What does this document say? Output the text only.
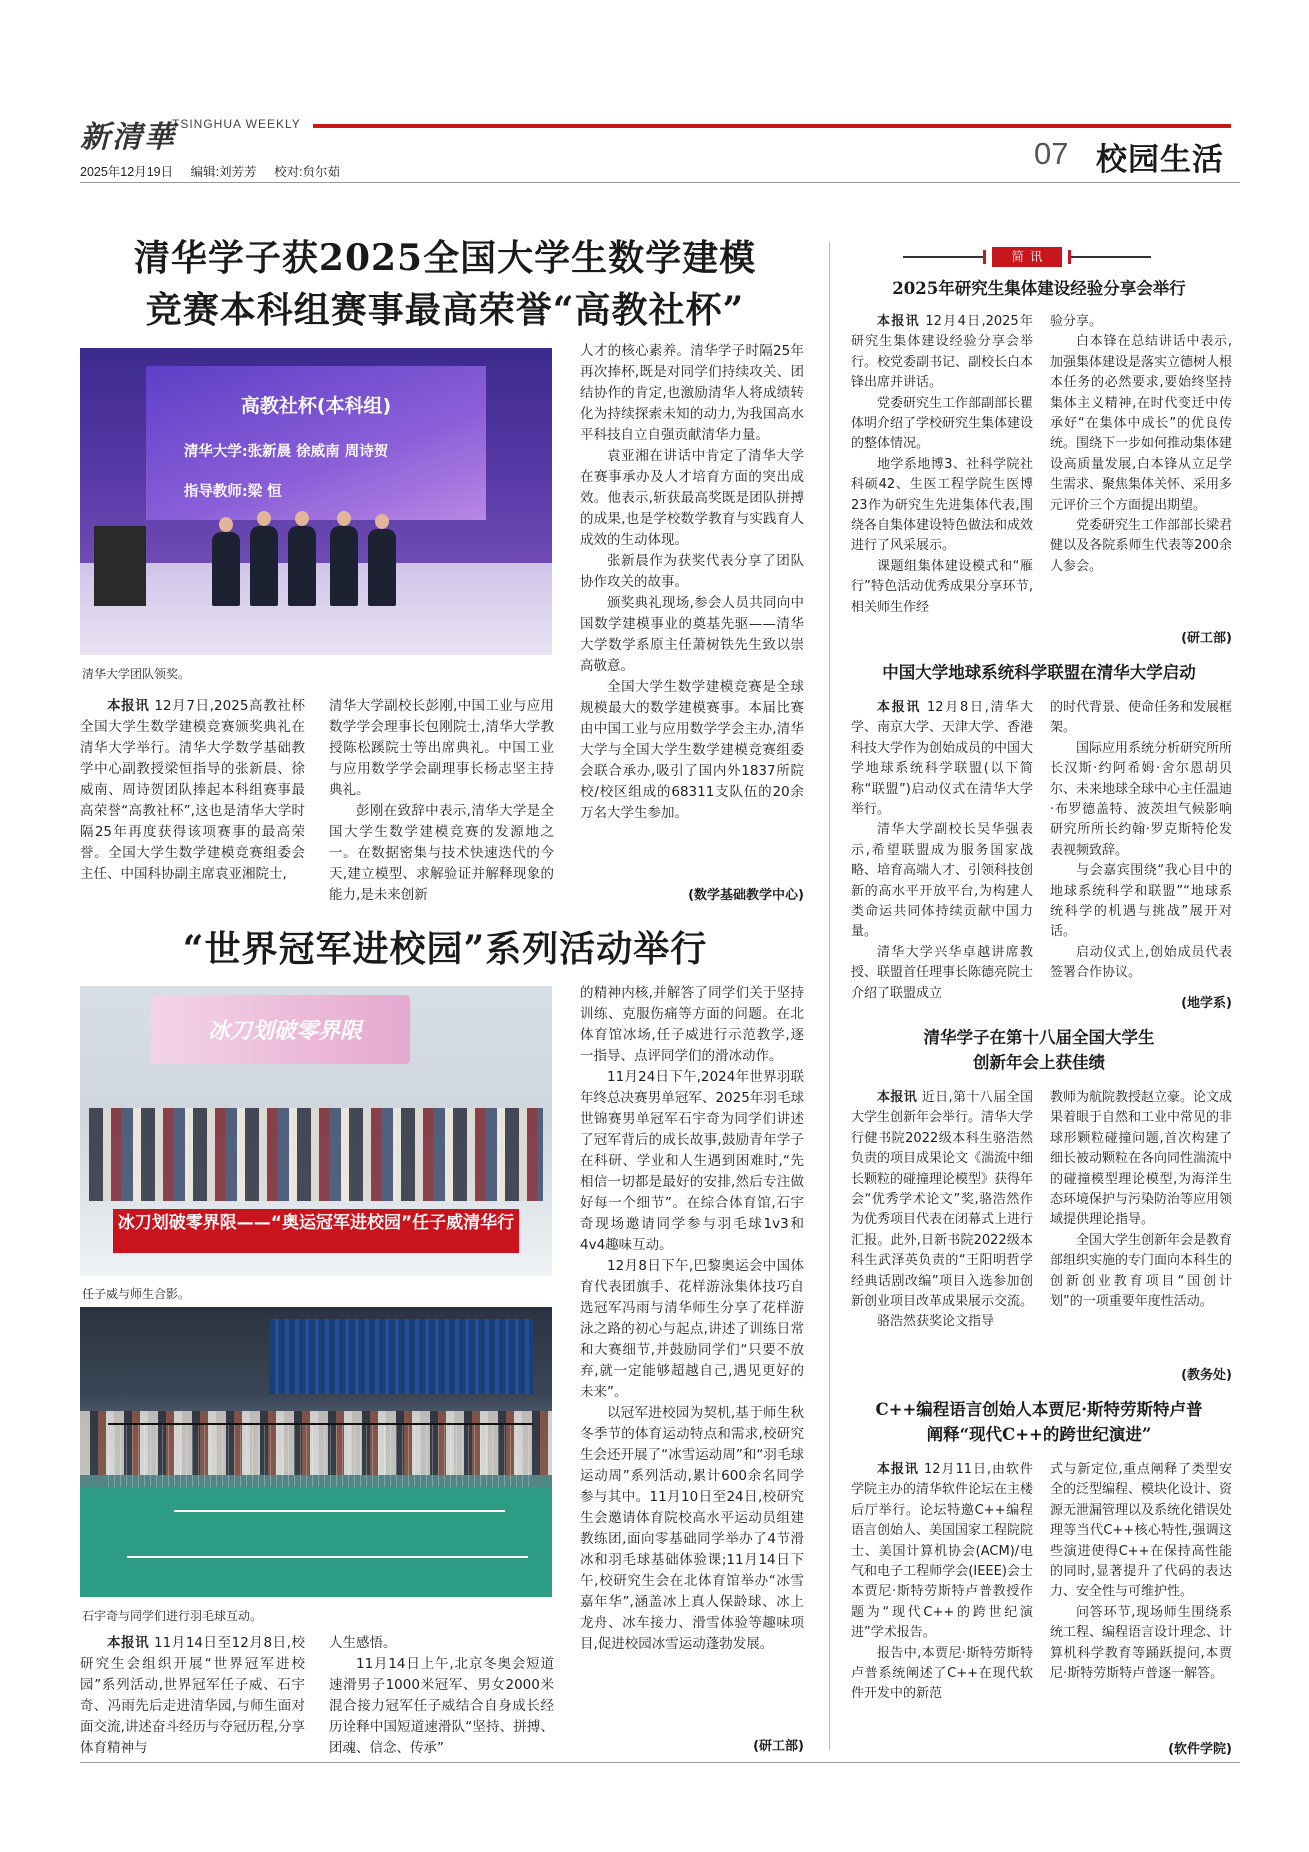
新清華
TSINGHUA WEEKLY
2025年12月19日 编辑:刘芳芳 校对:贠尔茹
07 校园生活
清华学子获2025全国大学生数学建模
竞赛本科组赛事最高荣誉“高教社杯”
高教社杯(本科组)
清华大学:张新晨 徐威南 周诗贺
指导教师:梁 恒
清华大学团队领奖。

本报讯 12月7日,2025高教社杯全国大学生数学建模竞赛颁奖典礼在清华大学举行。清华大学数学基础教学中心副教授梁恒指导的张新晨、徐威南、周诗贺团队捧起本科组赛事最高荣誉“高教社杯”,这也是清华大学时隔25年再度获得该项赛事的最高荣誉。全国大学生数学建模竞赛组委会主任、中国科协副主席袁亚湘院士,

清华大学副校长彭刚,中国工业与应用数学学会理事长包刚院士,清华大学教授陈松蹊院士等出席典礼。中国工业与应用数学学会副理事长杨志坚主持典礼。

彭刚在致辞中表示,清华大学是全国大学生数学建模竞赛的发源地之一。在数据密集与技术快速迭代的今天,建立模型、求解验证并解释现象的能力,是未来创新

人才的核心素养。清华学子时隔25年再次捧杯,既是对同学们持续攻关、团结协作的肯定,也激励清华人将成绩转化为持续探索未知的动力,为我国高水平科技自立自强贡献清华力量。

袁亚湘在讲话中肯定了清华大学在赛事承办及人才培育方面的突出成效。他表示,斩获最高奖既是团队拼搏的成果,也是学校数学教育与实践育人成效的生动体现。

张新晨作为获奖代表分享了团队协作攻关的故事。

颁奖典礼现场,参会人员共同向中国数学建模事业的奠基先驱——清华大学数学系原主任萧树铁先生致以崇高敬意。

全国大学生数学建模竞赛是全球规模最大的数学建模赛事。本届比赛由中国工业与应用数学学会主办,清华大学与全国大学生数学建模竞赛组委会联合承办,吸引了国内外1837所院校/校区组成的68311支队伍的20余万名大学生参加。

(数学基础教学中心)
“世界冠军进校园”系列活动举行
冰刀划破零界限
冰刀划破零界限——“奥运冠军进校园”任子威清华行
任子威与师生合影。
石宇奇与同学们进行羽毛球互动。

本报讯 11月14日至12月8日,校研究生会组织开展“世界冠军进校园”系列活动,世界冠军任子威、石宇奇、冯雨先后走进清华园,与师生面对面交流,讲述奋斗经历与夺冠历程,分享体育精神与

人生感悟。

11月14日上午,北京冬奥会短道速滑男子1000米冠军、男女2000米混合接力冠军任子威结合自身成长经历诠释中国短道速滑队“坚持、拼搏、团魂、信念、传承”

的精神内核,并解答了同学们关于坚持训练、克服伤痛等方面的问题。在北体育馆冰场,任子威进行示范教学,逐一指导、点评同学们的滑冰动作。

11月24日下午,2024年世界羽联年终总决赛男单冠军、2025年羽毛球世锦赛男单冠军石宇奇为同学们讲述了冠军背后的成长故事,鼓励青年学子在科研、学业和人生遇到困难时,“先相信一切都是最好的安排,然后专注做好每一个细节”。在综合体育馆,石宇奇现场邀请同学参与羽毛球1v3和4v4趣味互动。

12月8日下午,巴黎奥运会中国体育代表团旗手、花样游泳集体技巧自选冠军冯雨与清华师生分享了花样游泳之路的初心与起点,讲述了训练日常和大赛细节,并鼓励同学们“只要不放弃,就一定能够超越自己,遇见更好的未来”。

以冠军进校园为契机,基于师生秋冬季节的体育运动特点和需求,校研究生会还开展了“冰雪运动周”和“羽毛球运动周”系列活动,累计600余名同学参与其中。11月10日至24日,校研究生会邀请体育院校高水平运动员组建教练团,面向零基础同学举办了4节滑冰和羽毛球基础体验课;11月14日下午,校研究生会在北体育馆举办“冰雪嘉年华”,涵盖冰上真人保龄球、冰上龙舟、冰车接力、滑雪体验等趣味项目,促进校园冰雪运动蓬勃发展。

(研工部)
简讯
2025年研究生集体建设经验分享会举行

本报讯 12月4日,2025年研究生集体建设经验分享会举行。校党委副书记、副校长白本锋出席并讲话。

党委研究生工作部副部长瞿体明介绍了学校研究生集体建设的整体情况。

地学系地博3、社科学院社科硕42、生医工程学院生医博23作为研究生先进集体代表,围绕各自集体建设特色做法和成效进行了风采展示。

课题组集体建设模式和“雁行”特色活动优秀成果分享环节,相关师生作经

验分享。

白本锋在总结讲话中表示,加强集体建设是落实立德树人根本任务的必然要求,要始终坚持集体主义精神,在时代变迁中传承好“在集体中成长”的优良传统。围绕下一步如何推动集体建设高质量发展,白本锋从立足学生需求、聚焦集体关怀、采用多元评价三个方面提出期望。

党委研究生工作部部长梁君健以及各院系师生代表等200余人参会。

(研工部)
中国大学地球系统科学联盟在清华大学启动

本报讯 12月8日,清华大学、南京大学、天津大学、香港科技大学作为创始成员的中国大学地球系统科学联盟(以下简称“联盟”)启动仪式在清华大学举行。

清华大学副校长吴华强表示,希望联盟成为服务国家战略、培育高端人才、引领科技创新的高水平开放平台,为构建人类命运共同体持续贡献中国力量。

清华大学兴华卓越讲席教授、联盟首任理事长陈德亮院士介绍了联盟成立

的时代背景、使命任务和发展框架。

国际应用系统分析研究所所长汉斯·约阿希姆·舍尔恩胡贝尔、未来地球全球中心主任温迪·布罗德盖特、波茨坦气候影响研究所所长约翰·罗克斯特伦发表视频致辞。

与会嘉宾围绕“我心目中的地球系统科学和联盟”“地球系统科学的机遇与挑战”展开对话。

启动仪式上,创始成员代表签署合作协议。

(地学系)
清华学子在第十八届全国大学生
创新年会上获佳绩

本报讯 近日,第十八届全国大学生创新年会举行。清华大学行健书院2022级本科生骆浩然负责的项目成果论文《湍流中细长颗粒的碰撞理论模型》获得年会“优秀学术论文”奖,骆浩然作为优秀项目代表在闭幕式上进行汇报。此外,日新书院2022级本科生武泽英负责的“王阳明哲学经典话剧改编”项目入选参加创新创业项目改革成果展示交流。

骆浩然获奖论文指导

教师为航院教授赵立豪。论文成果着眼于自然和工业中常见的非球形颗粒碰撞问题,首次构建了细长被动颗粒在各向同性湍流中的碰撞模型理论模型,为海洋生态环境保护与污染防治等应用领域提供理论指导。

全国大学生创新年会是教育部组织实施的专门面向本科生的创新创业教育项目“国创计划”的一项重要年度性活动。

(教务处)
C++编程语言创始人本贾尼·斯特劳斯特卢普
阐释“现代C++的跨世纪演进”

本报讯 12月11日,由软件学院主办的清华软件论坛在主楼后厅举行。论坛特邀C++编程语言创始人、美国国家工程院院士、美国计算机协会(ACM)/电气和电子工程师学会(IEEE)会士本贾尼·斯特劳斯特卢普教授作题为“现代C++的跨世纪演进”学术报告。

报告中,本贾尼·斯特劳斯特卢普系统阐述了C++在现代软件开发中的新范

式与新定位,重点阐释了类型安全的泛型编程、模块化设计、资源无泄漏管理以及系统化错误处理等当代C++核心特性,强调这些演进使得C++在保持高性能的同时,显著提升了代码的表达力、安全性与可维护性。

问答环节,现场师生围绕系统工程、编程语言设计理念、计算机科学教育等踊跃提问,本贾尼·斯特劳斯特卢普逐一解答。

(软件学院)
